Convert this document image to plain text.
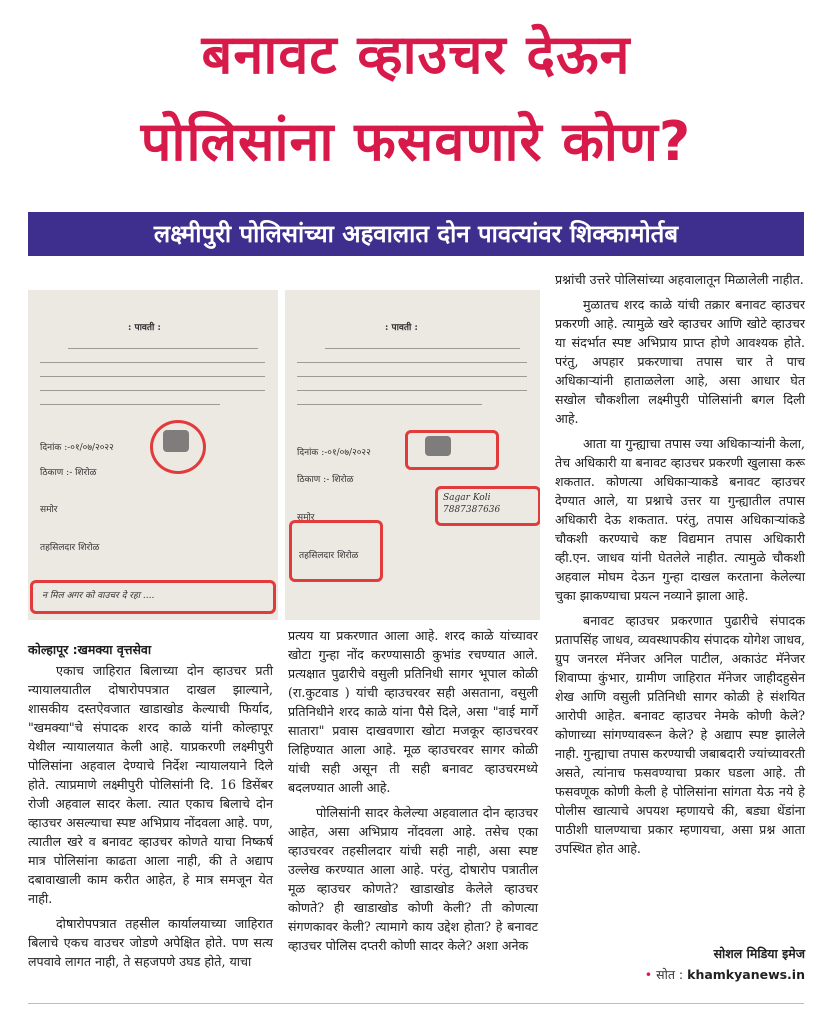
बनावट व्हाउचर देऊन
पोलिसांना फसवणारे कोण?
लक्ष्मीपुरी पोलिसांच्या अहवालात दोन पावत्यांवर शिक्कामोर्तब
: पावती :
दिनांक :-०१/०७/२०२२
ठिकाण :- शिरोळ
समोर
तहसिलदार शिरोळ
न मिल अगर को वाउचर दे रहा ....
: पावती :
दिनांक :-०१/०७/२०२२
ठिकाण :- शिरोळ
Sagar Koli 7887387636
समोर
तहसिलदार शिरोळ
कोल्हापूर :खमक्या वृत्तसेवा

एकाच जाहिरात बिलाच्या दोन व्हाउचर प्रती न्यायालयातील दोषारोपपत्रात दाखल झाल्याने, शासकीय दस्तऐवजात खाडाखोड केल्याची फिर्याद, "खमक्या"चे संपादक शरद काळे यांनी कोल्हापूर येथील न्यायालयात केली आहे. याप्रकरणी लक्ष्मीपुरी पोलिसांना अहवाल देण्याचे निर्देश न्यायालयाने दिले होते. त्याप्रमाणे लक्ष्मीपुरी पोलिसांनी दि. 16 डिसेंबर रोजी अहवाल सादर केला. त्यात एकाच बिलाचे दोन व्हाउचर असल्याचा स्पष्ट अभिप्राय नोंदवला आहे. पण, त्यातील खरे व बनावट व्हाउचर कोणते याचा निष्कर्ष मात्र पोलिसांना काढता आला नाही, की ते अद्याप दबावाखाली काम करीत आहेत, हे मात्र समजून येत नाही.

दोषारोपपत्रात तहसील कार्यालयाच्या जाहिरात बिलाचे एकच वाउचर जोडणे अपेक्षित होते. पण सत्य लपवावे लागत नाही, ते सहजपणे उघड होते, याचा

प्रत्यय या प्रकरणात आला आहे. शरद काळे यांच्यावर खोटा गुन्हा नोंद करण्यासाठी कुभांड रचण्यात आले. प्रत्यक्षात पुढारीचे वसुली प्रतिनिधी सागर भूपाल कोळी (रा.कुटवाड ) यांची व्हाउचरवर सही असताना, वसुली प्रतिनिधीने शरद काळे यांना पैसे दिले, असा "वाई मार्गे सातारा" प्रवास दाखवणारा खोटा मजकूर व्हाउचरवर लिहिण्यात आला आहे. मूळ व्हाउचरवर सागर कोळी यांची सही असून ती सही बनावट व्हाउचरमध्ये बदलण्यात आली आहे.

पोलिसांनी सादर केलेल्या अहवालात दोन व्हाउचर आहेत, असा अभिप्राय नोंदवला आहे. तसेच एका व्हाउचरवर तहसीलदार यांची सही नाही, असा स्पष्ट उल्लेख करण्यात आला आहे. परंतु, दोषारोप पत्रातील मूळ व्हाउचर कोणते? खाडाखोड केलेले व्हाउचर कोणते? ही खाडाखोड कोणी केली? ती कोणत्या संगणकावर केली? त्यामागे काय उद्देश होता? हे बनावट व्हाउचर पोलिस दप्तरी कोणी सादर केले? अशा अनेक

प्रश्नांची उत्तरे पोलिसांच्या अहवालातून मिळालेली नाहीत.

मुळातच शरद काळे यांची तक्रार बनावट व्हाउचर प्रकरणी आहे. त्यामुळे खरे व्हाउचर आणि खोटे व्हाउचर या संदर्भात स्पष्ट अभिप्राय प्राप्त होणे आवश्यक होते. परंतु, अपहार प्रकरणाचा तपास चार ते पाच अधिकाऱ्यांनी हाताळलेला आहे, असा आधार घेत सखोल चौकशीला लक्ष्मीपुरी पोलिसांनी बगल दिली आहे.

आता या गुन्ह्याचा तपास ज्या अधिकाऱ्यांनी केला, तेच अधिकारी या बनावट व्हाउचर प्रकरणी खुलासा करू शकतात. कोणत्या अधिकाऱ्याकडे बनावट व्हाउचर देण्यात आले, या प्रश्नाचे उत्तर या गुन्ह्यातील तपास अधिकारी देऊ शकतात. परंतु, तपास अधिकाऱ्यांकडे चौकशी करण्याचे कष्ट विद्यमान तपास अधिकारी व्ही.एन. जाधव यांनी घेतलेले नाहीत. त्यामुळे चौकशी अहवाल मोघम देऊन गुन्हा दाखल करताना केलेल्या चुका झाकण्याचा प्रयत्न नव्याने झाला आहे.

बनावट व्हाउचर प्रकरणात पुढारीचे संपादक प्रतापसिंह जाधव, व्यवस्थापकीय संपादक योगेश जाधव, ग्रुप जनरल मॅनेजर अनिल पाटील, अकाउंट मॅनेजर शिवाप्पा कुंभार, ग्रामीण जाहिरात मॅनेजर जाहीदहुसेन शेख आणि वसुली प्रतिनिधी सागर कोळी हे संशयित आरोपी आहेत. बनावट व्हाउचर नेमके कोणी केले? कोणाच्या सांगण्यावरून केले? हे अद्याप स्पष्ट झालेले नाही. गुन्ह्याचा तपास करण्याची जबाबदारी ज्यांच्यावरती असते, त्यांनाच फसवण्याचा प्रकार घडला आहे. ती फसवणूक कोणी केली हे पोलिसांना सांगता येऊ नये हे पोलीस खात्याचे अपयश म्हणायचे की, बड्या धेंडांना पाठीशी घालण्याचा प्रकार म्हणायचा, असा प्रश्न आता उपस्थित होत आहे.

सोशल मिडिया इमेज
• सोत : khamkyanews.in
